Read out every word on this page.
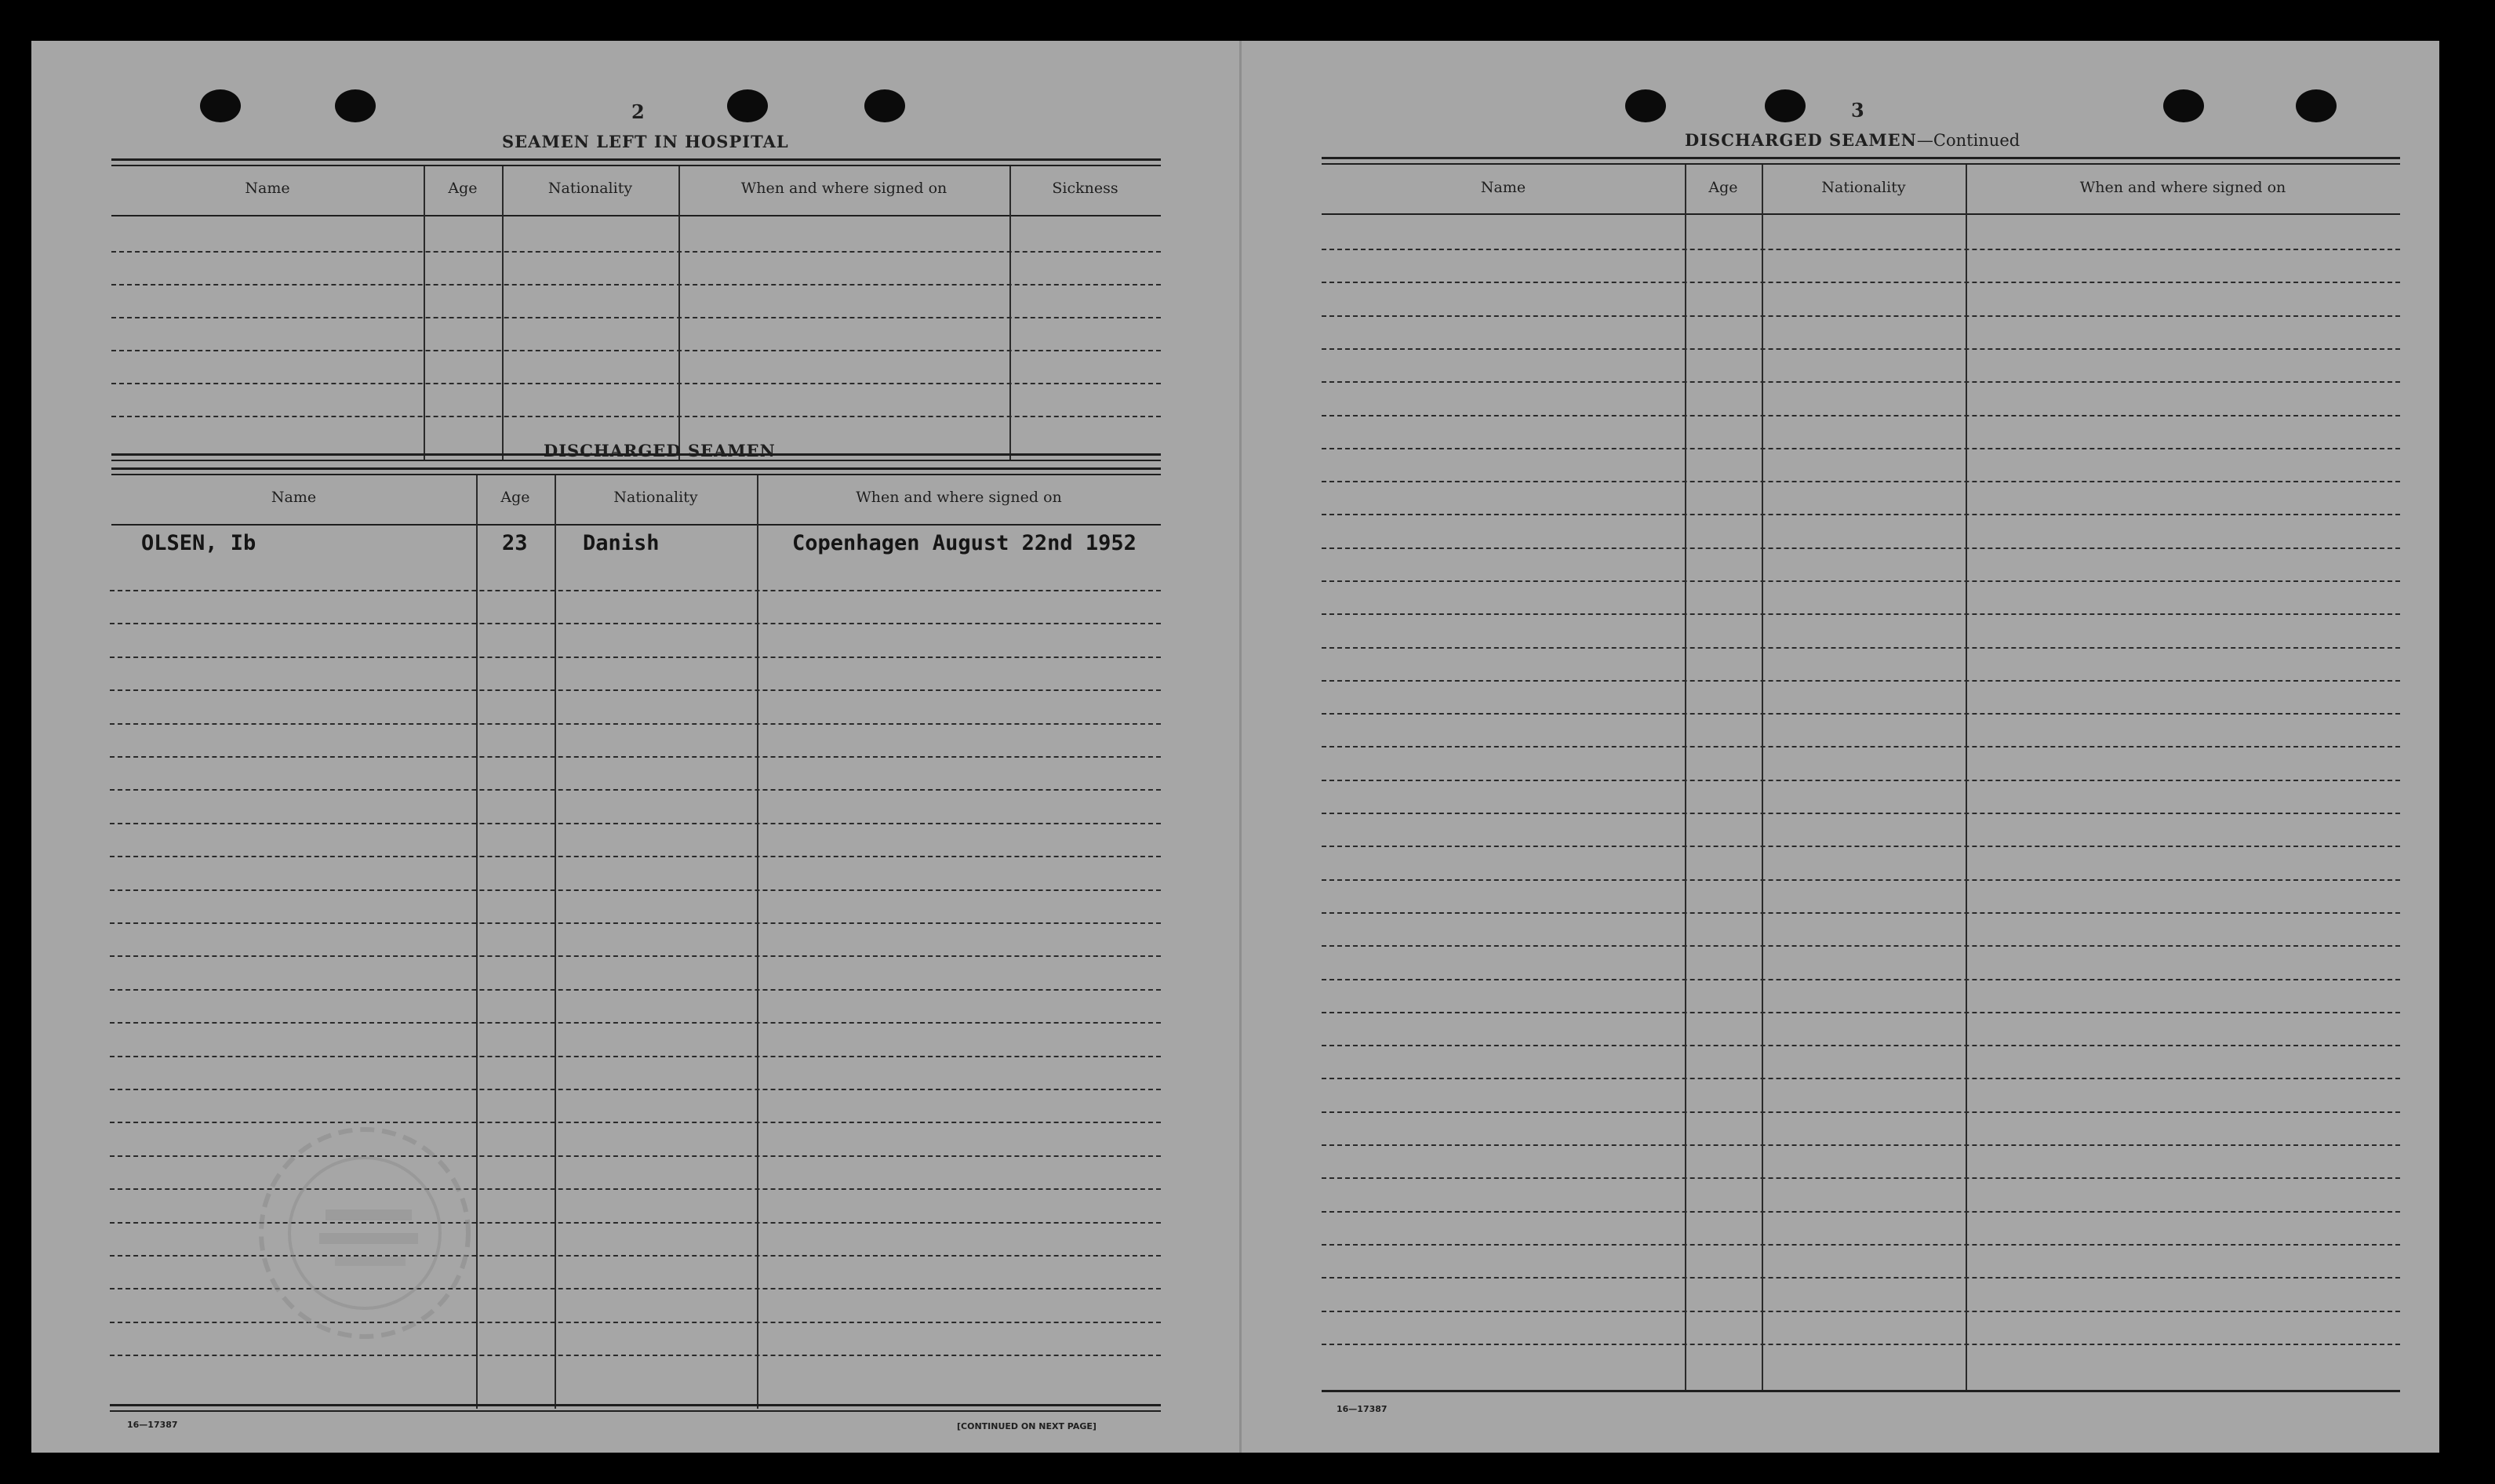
2
SEAMEN LEFT IN HOSPITAL
Name	Age	Nationality	When and where signed on	Sickness
DISCHARGED SEAMEN
Name	Age	Nationality	When and where signed on
OLSEN, Ib	23	Danish	Copenhagen August 22nd 1952
16—17387	[CONTINUED ON NEXT PAGE]
3
DISCHARGED SEAMEN—Continued
Name	Age	Nationality	When and where signed on
16—17387
